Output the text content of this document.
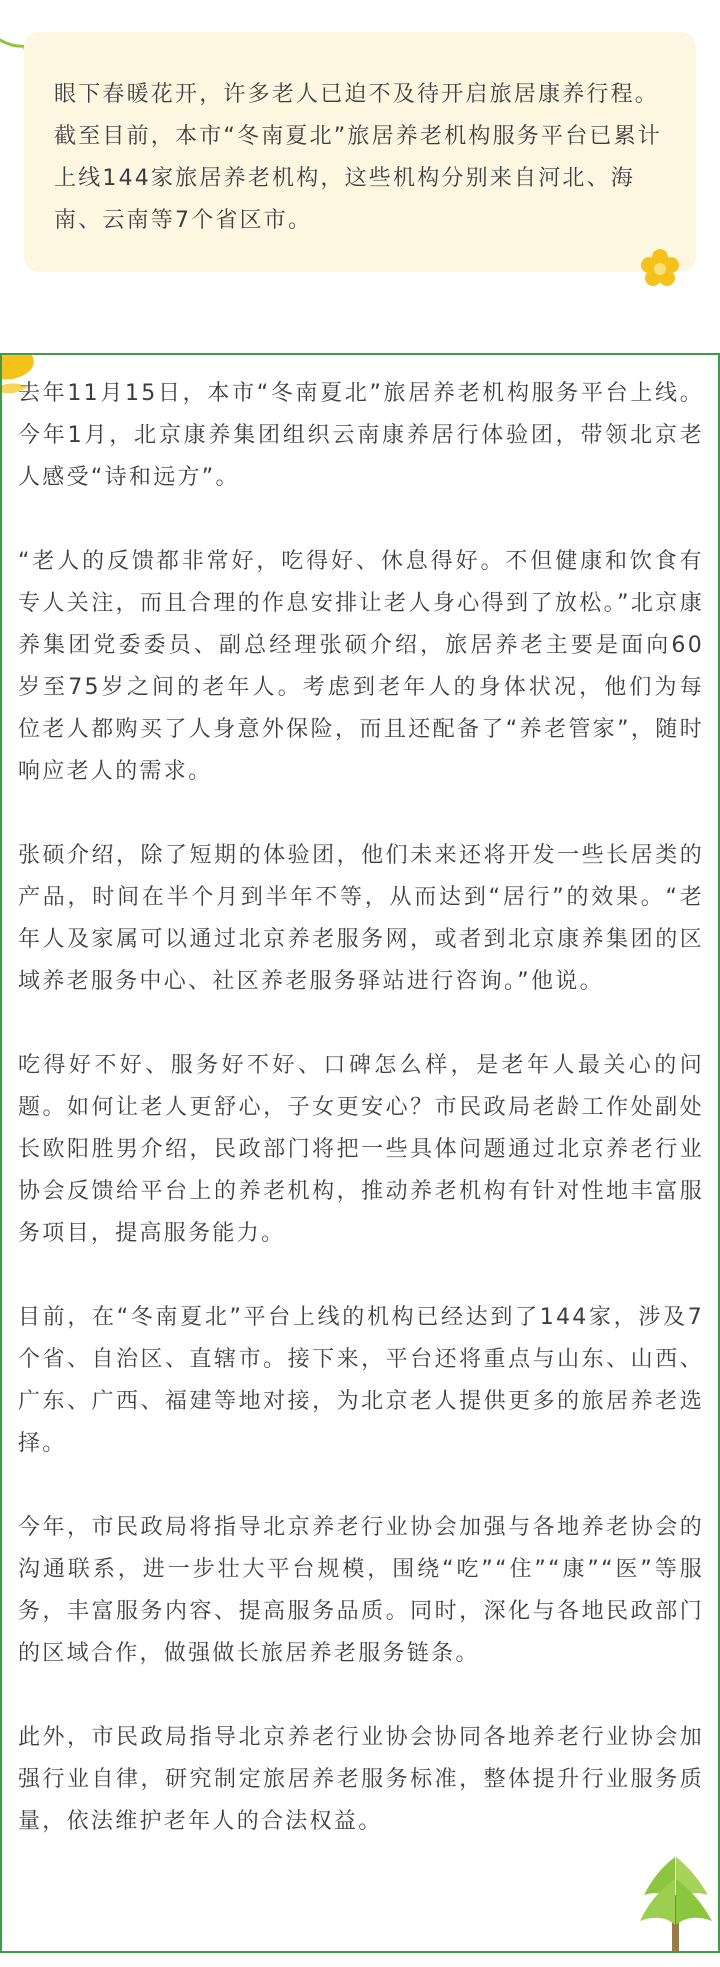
眼下春暖花开，许多老人已迫不及待开启旅居康养行程。截至目前，本市“冬南夏北”旅居养老机构服务平台已累计上线144家旅居养老机构，这些机构分别来自河北、海南、云南等7个省区市。

去年11月15日，本市“冬南夏北”旅居养老机构服务平台上线。今年1月，北京康养集团组织云南康养居行体验团，带领北京老人感受“诗和远方”。

“老人的反馈都非常好，吃得好、休息得好。不但健康和饮食有专人关注，而且合理的作息安排让老人身心得到了放松。”北京康养集团党委委员、副总经理张硕介绍，旅居养老主要是面向60岁至75岁之间的老年人。考虑到老年人的身体状况，他们为每位老人都购买了人身意外保险，而且还配备了“养老管家”，随时响应老人的需求。

张硕介绍，除了短期的体验团，他们未来还将开发一些长居类的产品，时间在半个月到半年不等，从而达到“居行”的效果。“老年人及家属可以通过北京养老服务网，或者到北京康养集团的区域养老服务中心、社区养老服务驿站进行咨询。”他说。

吃得好不好、服务好不好、口碑怎么样，是老年人最关心的问题。如何让老人更舒心，子女更安心？市民政局老龄工作处副处长欧阳胜男介绍，民政部门将把一些具体问题通过北京养老行业协会反馈给平台上的养老机构，推动养老机构有针对性地丰富服务项目，提高服务能力。

目前，在“冬南夏北”平台上线的机构已经达到了144家，涉及7个省、自治区、直辖市。接下来，平台还将重点与山东、山西、广东、广西、福建等地对接，为北京老人提供更多的旅居养老选择。

今年，市民政局将指导北京养老行业协会加强与各地养老协会的沟通联系，进一步壮大平台规模，围绕“吃”“住”“康”“医”等服务，丰富服务内容、提高服务品质。同时，深化与各地民政部门的区域合作，做强做长旅居养老服务链条。

此外，市民政局指导北京养老行业协会协同各地养老行业协会加强行业自律，研究制定旅居养老服务标准，整体提升行业服务质量，依法维护老年人的合法权益。
